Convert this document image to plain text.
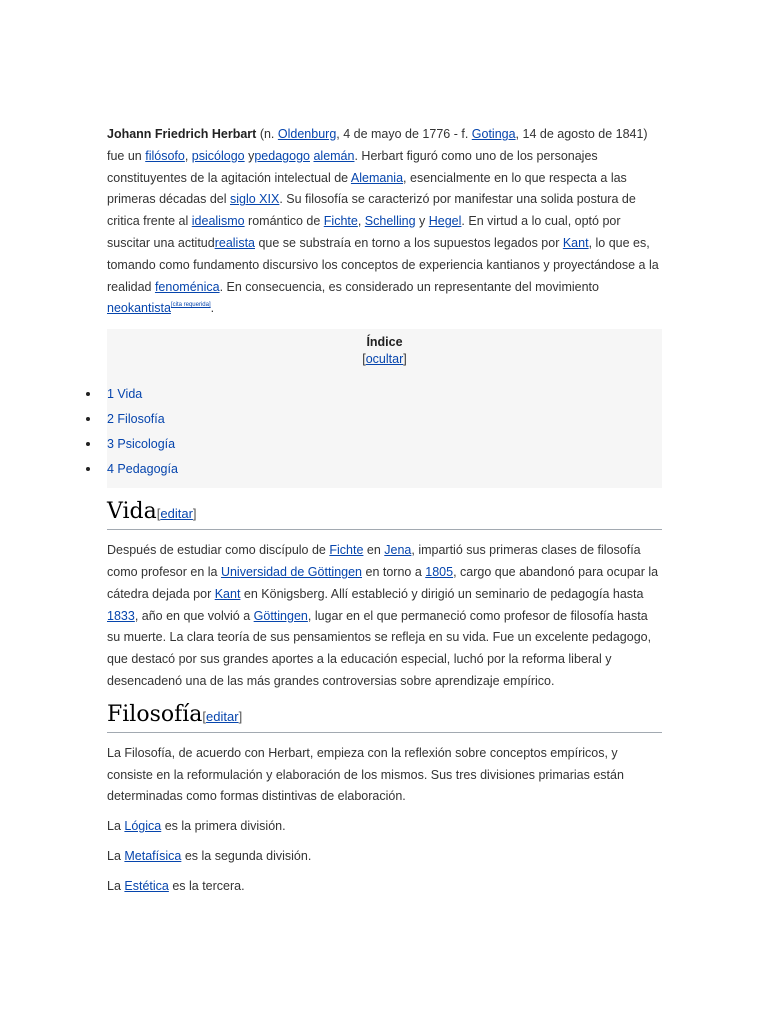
Johann Friedrich Herbart (n. Oldenburg, 4 de mayo de 1776 - f. Gotinga, 14 de agosto de 1841) fue un filósofo, psicólogo ypedagogo alemán. Herbart figuró como uno de los personajes constituyentes de la agitación intelectual de Alemania, esencialmente en lo que respecta a las primeras décadas del siglo XIX. Su filosofía se caracterizó por manifestar una solida postura de critica frente al idealismo romántico de Fichte, Schelling y Hegel. En virtud a lo cual, optó por suscitar una actitudrealista que se substraía en torno a los supuestos legados por Kant, lo que es, tomando como fundamento discursivo los conceptos de experiencia kantianos y proyectándose a la realidad fenoménica. En consecuencia, es considerado un representante del movimiento neokantista[cita requerida].

Índice
[ocultar]
1 Vida
2 Filosofía
3 Psicología
4 Pedagogía
Vida[editar]

Después de estudiar como discípulo de Fichte en Jena, impartió sus primeras clases de filosofía como profesor en la Universidad de Göttingen en torno a 1805, cargo que abandonó para ocupar la cátedra dejada por Kant en Königsberg. Allí estableció y dirigió un seminario de pedagogía hasta 1833, año en que volvió a Göttingen, lugar en el que permaneció como profesor de filosofía hasta su muerte. La clara teoría de sus pensamientos se refleja en su vida. Fue un excelente pedagogo, que destacó por sus grandes aportes a la educación especial, luchó por la reforma liberal y desencadenó una de las más grandes controversias sobre aprendizaje empírico.

Filosofía[editar]

La Filosofía, de acuerdo con Herbart, empieza con la reflexión sobre conceptos empíricos, y consiste en la reformulación y elaboración de los mismos. Sus tres divisiones primarias están determinadas como formas distintivas de elaboración.

La Lógica es la primera división.

La Metafísica es la segunda división.

La Estética es la tercera.
